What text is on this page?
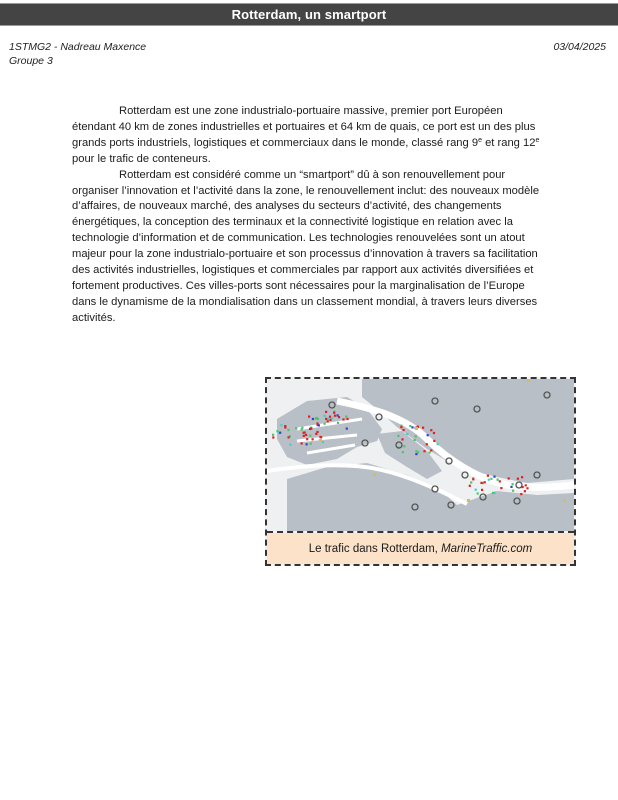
Rotterdam, un smartport
1STMG2 - Nadreau Maxence
Groupe 3
03/04/2025

Rotterdam est une zone industrialo-portuaire massive, premier port Européen étendant 40 km de zones industrielles et portuaires et 64 km de quais, ce port est un des plus grands ports industriels, logistiques et commerciaux dans le monde, classé rang 9e et rang 12e pour le trafic de conteneurs.

Rotterdam est considéré comme un “smartport” dû à son renouvellement pour organiser l’innovation et l’activité dans la zone, le renouvellement inclut: des nouveaux modèle d’affaires, de nouveaux marché, des analyses du secteurs d’activité, des changements énergétiques, la conception des terminaux et la connectivité logistique en relation avec la technologie d’information et de communication. Les technologies renouvelées sont un atout majeur pour la zone industrialo-portuaire et son processus d’innovation à travers sa facilitation des activités industrielles, logistiques et commerciales par rapport aux activités diversifiées et fortement productives. Ces villes-ports sont nécessaires pour la marginalisation de l’Europe dans le dynamisme de la mondialisation dans un classement mondial, à travers leurs diverses activités.

Le trafic dans Rotterdam,
MarineTraffic.com
